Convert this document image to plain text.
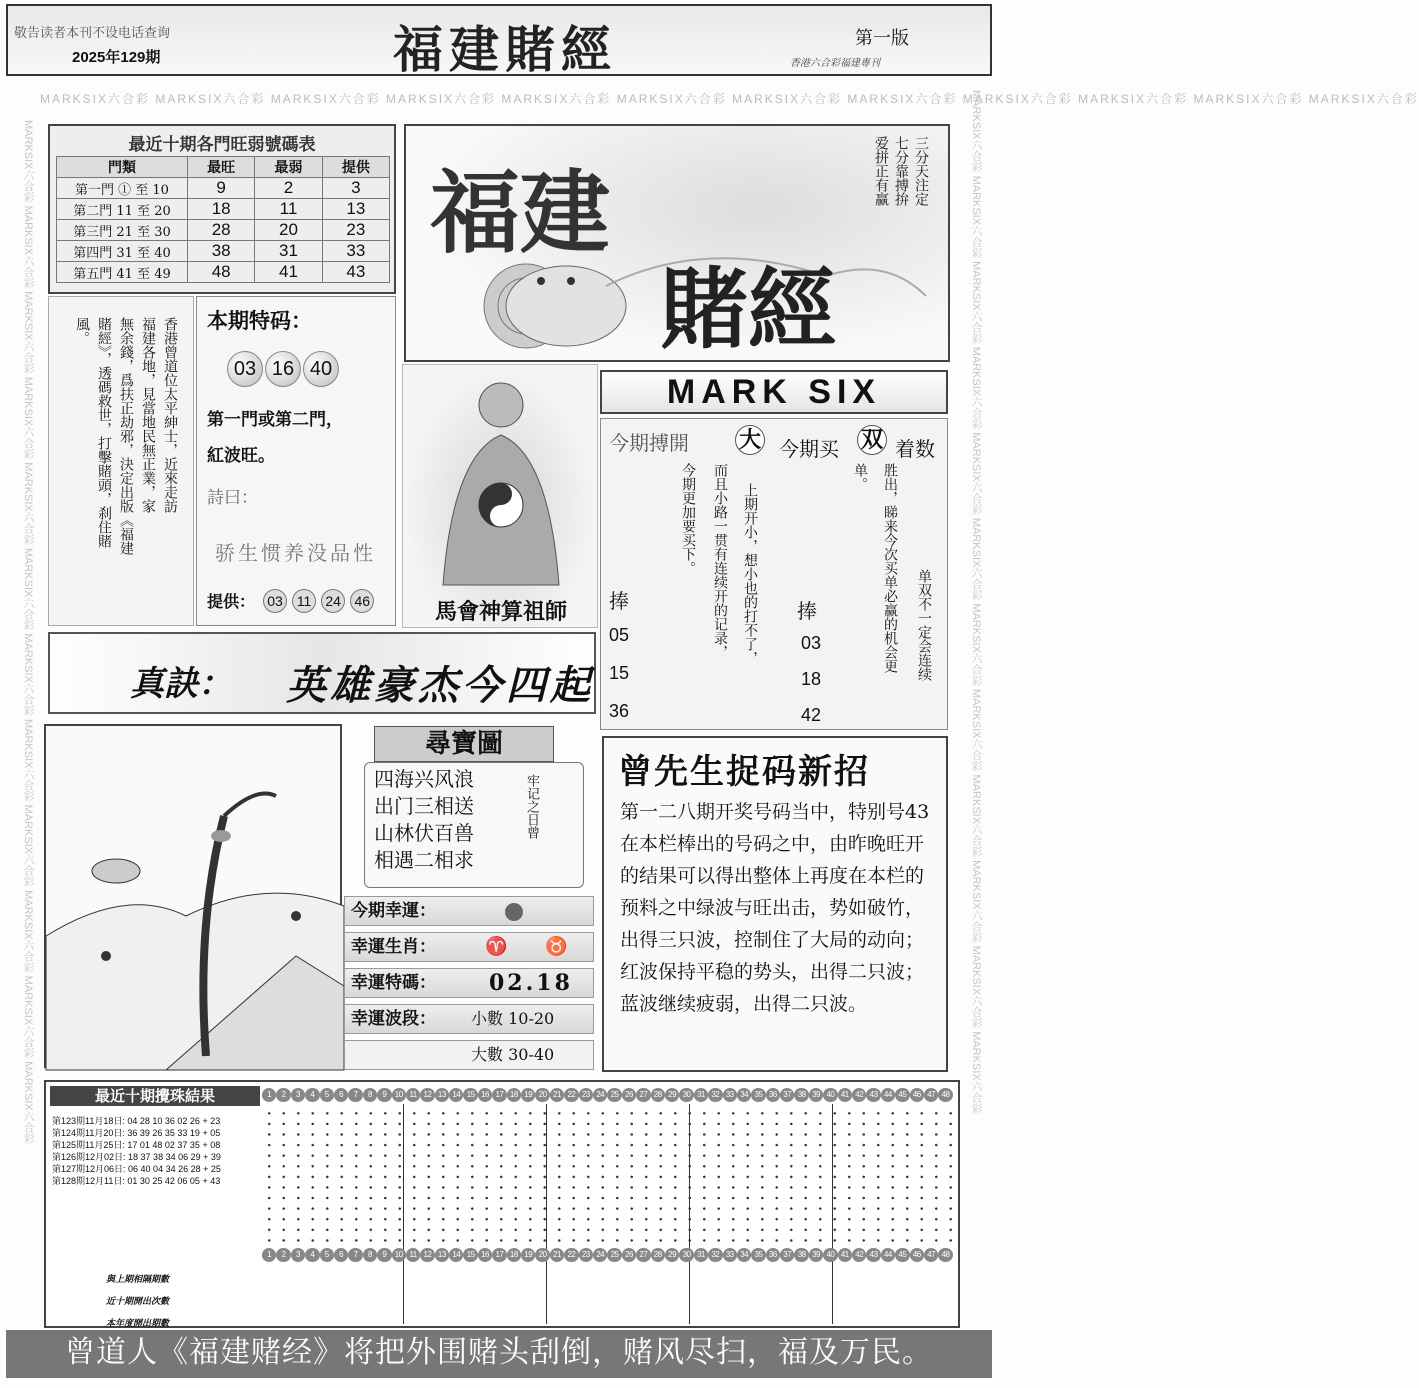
敬告读者本刊不设电话查询
2025年129期	福建賭經	第一版
香港六合彩福建專刊
MARKSIX六合彩 MARKSIX六合彩 MARKSIX六合彩 MARKSIX六合彩 MARKSIX六合彩 MARKSIX六合彩 MARKSIX六合彩 MARKSIX六合彩 MARKSIX六合彩 MARKSIX六合彩 MARKSIX六合彩 MARKSIX六合彩
MARKSIX六合彩 MARKSIX六合彩 MARKSIX六合彩 MARKSIX六合彩 MARKSIX六合彩 MARKSIX六合彩 MARKSIX六合彩 MARKSIX六合彩 MARKSIX六合彩 MARKSIX六合彩 MARKSIX六合彩 MARKSIX六合彩	MARKSIX六合彩 MARKSIX六合彩 MARKSIX六合彩 MARKSIX六合彩 MARKSIX六合彩 MARKSIX六合彩 MARKSIX六合彩 MARKSIX六合彩 MARKSIX六合彩 MARKSIX六合彩 MARKSIX六合彩 MARKSIX六合彩
最近十期各門旺弱號碼表
門類	最旺	最弱	提供
第一門 ① 至 10	9	2	3
第二門 11 至 20	18	11	13
第三門 21 至 30	28	20	23
第四門 31 至 40	38	31	33
第五門 41 至 49	48	41	43
三分天注定
七分靠搏拚
爱拼正有赢
福建
賭經
香港曾道位太平紳士，近來走訪
福建各地，見當地民無正業，家
無余錢，爲扶正劫邪，決定出版《福建
賭經》，透碼救世，打擊賭頭，刹住賭
風。	本期特码：
03 16 40
第一門或第二門，
紅波旺。
詩曰：
骄生惯养没品性
提供： 03 11 24 46	馬會神算祖師
MARK SIX
今期搏開 大
上期开小，想小也的打不了，
而且小路一贯有连续开的记录，
今期更加要买下。
捧
05
15
36
今期买 双 着数
单双不一定会连续
单。 胜出，睇来今次买单必赢的机会更
捧
03
18
42
真訣： 英雄豪杰今四起
尋寶圖
四海兴风浪
出门三相送
山林伏百兽
相遇二相求
牢记之日曾
今期幸運：
幸運生肖：	♈ ♉
幸運特碼： 02.18
幸運波段： 小數 10-20
大數 30-40
曾先生捉码新招
第一二八期开奖号码当中，特别号43在本栏棒出的号码之中，由昨晚旺开的结果可以得出整体上再度在本栏的预料之中绿波与旺出击，势如破竹，出得三只波，控制住了大局的动向；红波保持平稳的势头，出得二只波；蓝波继续疲弱，出得二只波。
最近十期攪珠結果
第123期11月18日: 04 28 10 36 02 26 + 23
第124期11月20日: 36 39 26 35 33 19 + 05
第125期11月25日: 17 01 48 02 37 35 + 08
第126期12月02日: 18 37 38 34 06 29 + 39
第127期12月06日: 06 40 04 34 26 28 + 25
第128期12月11日: 01 30 25 42 06 05 + 43
1 2 3 4 5 6 7 8 9 10 11 12 13 14 15 16 17 18 19 20 21 22 23 24 25 26 27 28 29 30 31 32 33 34 35 36 37 38 39 40 41 42 43 44 45 46 47 48
1 2 3 4 5 6 7 8 9 10 11 12 13 14 15 16 17 18 19 20 21 22 23 24 25 26 27 28 29 30 31 32 33 34 35 36 37 38 39 40 41 42 43 44 45 46 47 48
與上期相隔期數
近十期開出次數
本年度開出期數
曾道人《福建赌经》将把外围赌头刮倒，赌风尽扫，福及万民。
